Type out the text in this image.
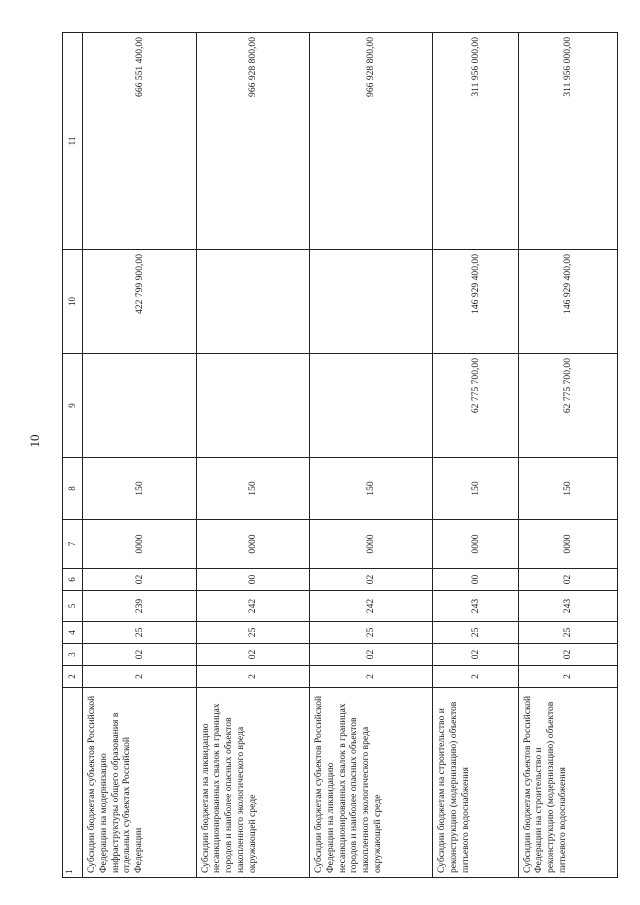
10
1	2	3	4	5	6	7	8	9	10	11
Субсидии бюджетам субъектов Российской Федерации на модернизацию инфраструктуры общего образования в отдельных субъектах Российской Федерации	2	02	25	239	02	0000	150		422 799 900,00	666 551 400,00
Субсидии бюджетам на ликвидацию несанкционированных свалок в границах городов и наиболее опасных объектов накопленного экологического вреда окружающей среде	2	02	25	242	00	0000	150			966 928 800,00
Субсидии бюджетам субъектов Российской Федерации на ликвидацию несанкционированных свалок в границах городов и наиболее опасных объектов накопленного экологического вреда окружающей среде	2	02	25	242	02	0000	150			966 928 800,00
Субсидии бюджетам на строительство и реконструкцию (модернизацию) объектов питьевого водоснабжения	2	02	25	243	00	0000	150	62 775 700,00	146 929 400,00	311 956 000,00
Субсидии бюджетам субъектов Российской Федерации на строительство и реконструкцию (модернизацию) объектов питьевого водоснабжения	2	02	25	243	02	0000	150	62 775 700,00	146 929 400,00	311 956 000,00
